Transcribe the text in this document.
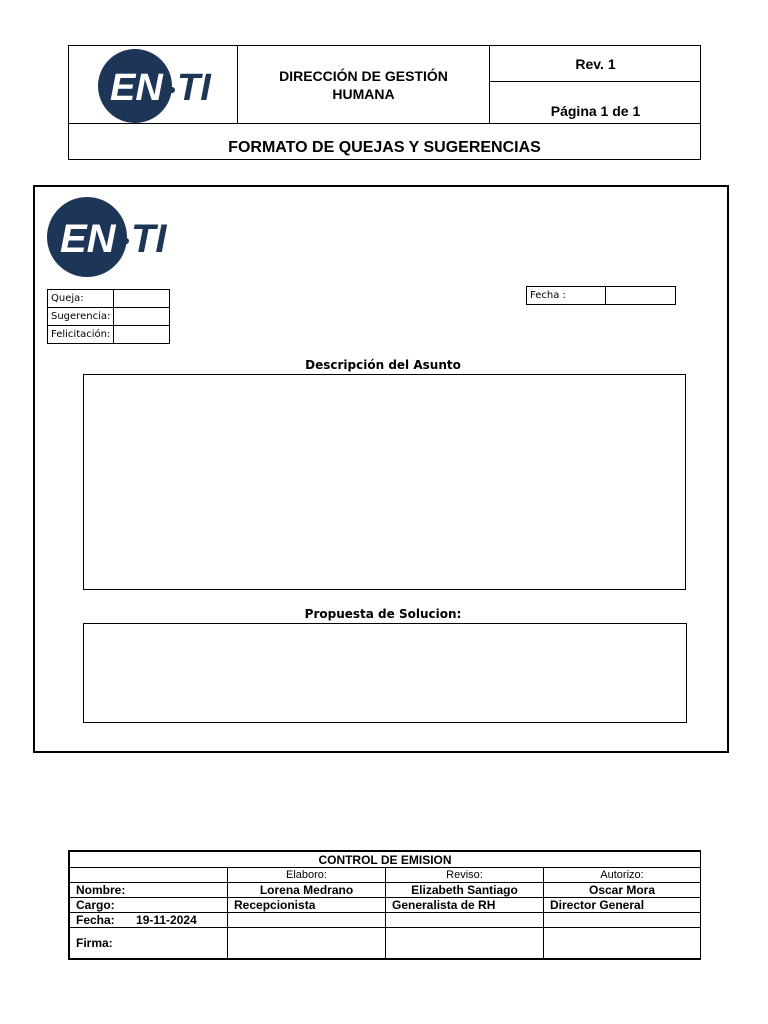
EN TI	DIRECCIÓN DE GESTIÓN
HUMANA
Rev. 1
Página 1 de 1
FORMATO DE QUEJAS Y SUGERENCIAS
EN TI
Queja:
Sugerencia:
Felicitación:
Fecha :
Descripción del Asunto
Propuesta de Solucion:
CONTROL DE EMISION			
	Elaboro:	Reviso:	Autorizo:
Nombre:	Lorena Medrano	Elizabeth Santiago	Oscar Mora
Cargo:	Recepcionista	Generalista de RH	Director General
Fecha: 19-11-2024			
Firma:			
